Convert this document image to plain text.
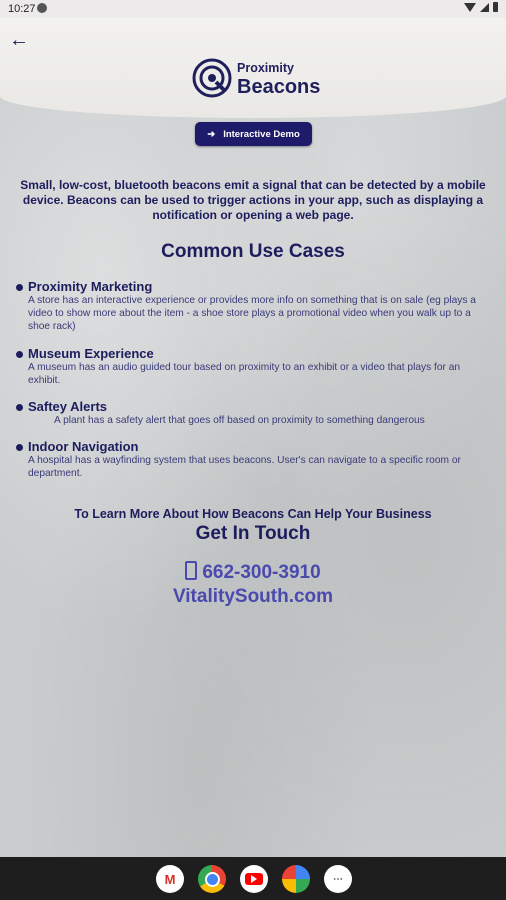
10:27
←
Proximity
Beacons
➜ Interactive Demo
Small, low-cost, bluetooth beacons emit a signal that can be detected by a mobile device. Beacons can be used to trigger actions in your app, such as displaying a notification or opening a web page.
Common Use Cases
Proximity Marketing
A store has an interactive experience or provides more info on something that is on sale (eg plays a video to show more about the item - a shoe store plays a promotional video when you walk up to a shoe rack)
Museum Experience
A museum has an audio guided tour based on proximity to an exhibit or a video that plays for an exhibit.
Saftey Alerts
A plant has a safety alert that goes off based on proximity to something dangerous
Indoor Navigation
A hospital has a wayfinding system that uses beacons. User's can navigate to a specific room or department.
To Learn More About How Beacons Can Help Your Business
Get In Touch
662-300-3910
VitalitySouth.com
M	⋯
